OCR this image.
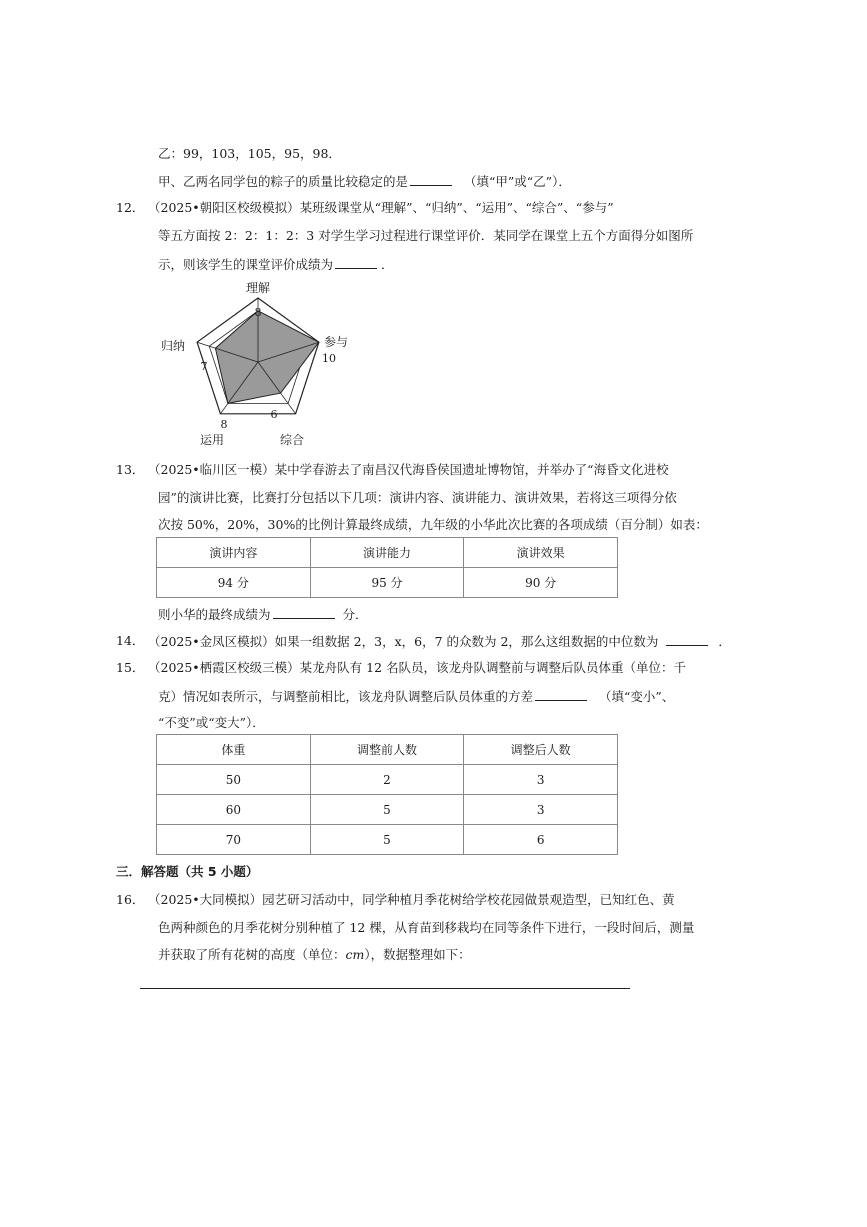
乙：99，103，105，95，98．
甲、乙两名同学包的粽子的质量比较稳定的是	（填“甲”或“乙”）．
12． （2025•朝阳区校级模拟）某班级课堂从“理解”、“归纳”、“运用”、“综合”、“参与”
等五方面按 2：2：1：2：3 对学生学习过程进行课堂评价．某同学在课堂上五个方面得分如图所
示，则该学生的课堂评价成绩为	．
理解
参与
综合
运用
归纳
8
10
6
8
7
13． （2025•临川区一模）某中学春游去了南昌汉代海昏侯国遗址博物馆，并举办了“海昏文化进校
园”的演讲比赛，比赛打分包括以下几项：演讲内容、演讲能力、演讲效果，若将这三项得分依
次按 50%，20%，30%的比例计算最终成绩，九年级的小华此次比赛的各项成绩（百分制）如表：
演讲内容	演讲能力	演讲效果
94 分	95 分	90 分
则小华的最终成绩为	分．
14． （2025•金凤区模拟）如果一组数据 2，3，x，6，7 的众数为 2，那么这组数据的中位数为	．
15． （2025•栖霞区校级三模）某龙舟队有 12 名队员，该龙舟队调整前与调整后队员体重（单位：千
克）情况如表所示，与调整前相比，该龙舟队调整后队员体重的方差	（填“变小”、
“不变”或“变大”）．
体重	调整前人数	调整后人数
50	2	3
60	5	3
70	5	6
三．解答题（共 5 小题）
16． （2025•大同模拟）园艺研习活动中，同学种植月季花树给学校花园做景观造型，已知红色、黄
色两种颜色的月季花树分别种植了 12 棵，从育苗到移栽均在同等条件下进行，一段时间后，测量
并获取了所有花树的高度（单位：cm），数据整理如下：
